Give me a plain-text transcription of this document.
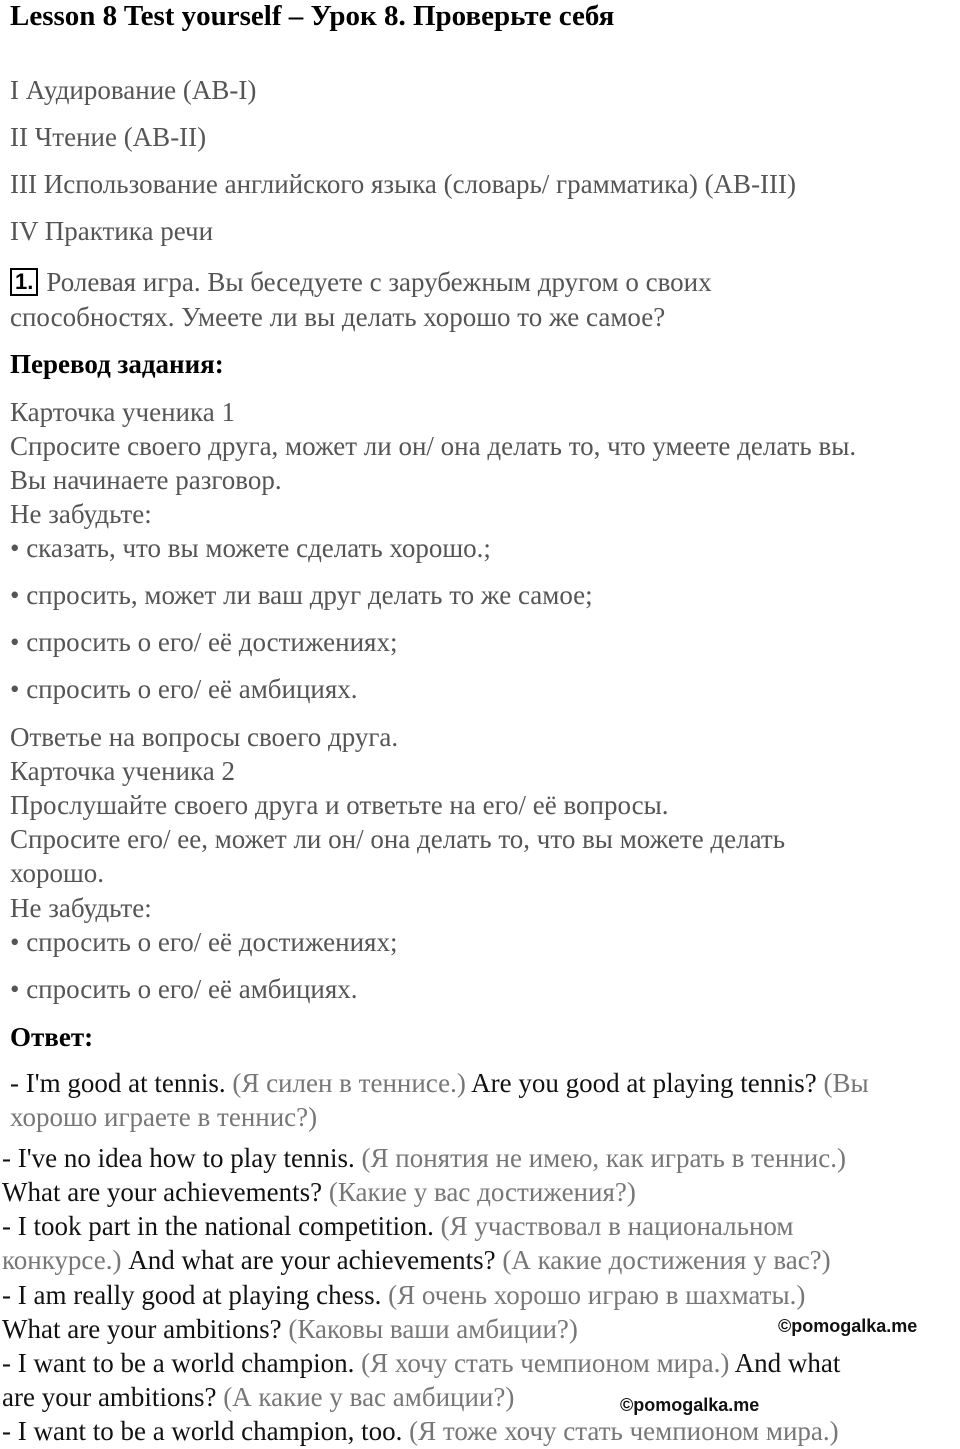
Lesson 8 Test yourself – Урок 8. Проверьте себя

I Аудирование (AB-I)

II Чтение (AB-II)

III Использование английского языка (словарь/ грамматика) (AB-III)

IV Практика речи

1. Ролевая игра. Вы беседуете с зарубежным другом о своих

способностях. Умеете ли вы делать хорошо то же самое?

Перевод задания:

Карточка ученика 1

Спросите своего друга, может ли он/ она делать то, что умеете делать вы.

Вы начинаете разговор.

Не забудьте:

• сказать, что вы можете сделать хорошо.;

• спросить, может ли ваш друг делать то же самое;

• спросить о его/ её достижениях;

• спросить о его/ её амбициях.

Ответье на вопросы своего друга.

Карточка ученика 2

Прослушайте своего друга и ответьте на его/ её вопросы.

Спросите его/ ее, может ли он/ она делать то, что вы можете делать

хорошо.

Не забудьте:

• спросить о его/ её достижениях;

• спросить о его/ её амбициях.

Ответ:

- I'm good at tennis. (Я силен в теннисе.) Are you good at playing tennis? (Вы

хорошо играете в теннис?)

- I've no idea how to play tennis. (Я понятия не имею, как играть в теннис.)

What are your achievements? (Какие у вас достижения?)

- I took part in the national competition. (Я участвовал в национальном

конкурсе.) And what are your achievements? (А какие достижения у вас?)

- I am really good at playing chess. (Я очень хорошо играю в шахматы.)

What are your ambitions? (Каковы ваши амбиции?)

- I want to be a world champion. (Я хочу стать чемпионом мира.) And what

are your ambitions? (А какие у вас амбиции?)

- I want to be a world champion, too. (Я тоже хочу стать чемпионом мира.)

©pomogalka.me
©pomogalka.me
